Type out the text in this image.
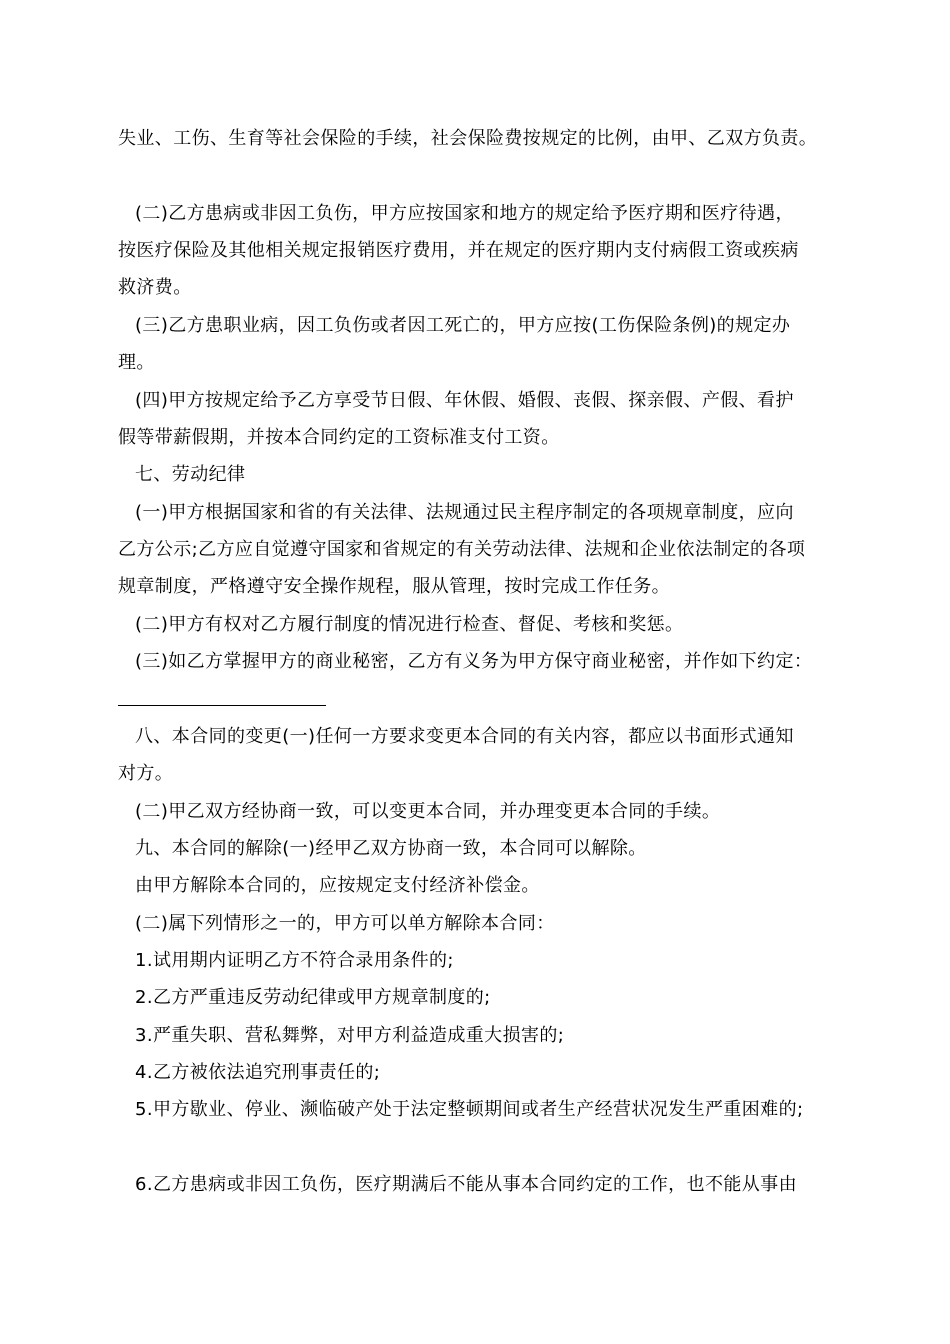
失业、工伤、生育等社会保险的手续，社会保险费按规定的比例，由甲、乙双方负责。
(二)乙方患病或非因工负伤，甲方应按国家和地方的规定给予医疗期和医疗待遇，
按医疗保险及其他相关规定报销医疗费用，并在规定的医疗期内支付病假工资或疾病
救济费。
(三)乙方患职业病，因工负伤或者因工死亡的，甲方应按(工伤保险条例)的规定办
理。
(四)甲方按规定给予乙方享受节日假、年休假、婚假、丧假、探亲假、产假、看护
假等带薪假期，并按本合同约定的工资标准支付工资。
七、劳动纪律
(一)甲方根据国家和省的有关法律、法规通过民主程序制定的各项规章制度，应向
乙方公示;乙方应自觉遵守国家和省规定的有关劳动法律、法规和企业依法制定的各项
规章制度，严格遵守安全操作规程，服从管理，按时完成工作任务。
(二)甲方有权对乙方履行制度的情况进行检查、督促、考核和奖惩。
(三)如乙方掌握甲方的商业秘密，乙方有义务为甲方保守商业秘密，并作如下约定：
八、本合同的变更(一)任何一方要求变更本合同的有关内容，都应以书面形式通知
对方。
(二)甲乙双方经协商一致，可以变更本合同，并办理变更本合同的手续。
九、本合同的解除(一)经甲乙双方协商一致，本合同可以解除。
由甲方解除本合同的，应按规定支付经济补偿金。
(二)属下列情形之一的，甲方可以单方解除本合同：
1.试用期内证明乙方不符合录用条件的;
2.乙方严重违反劳动纪律或甲方规章制度的;
3.严重失职、营私舞弊，对甲方利益造成重大损害的;
4.乙方被依法追究刑事责任的;
5.甲方歇业、停业、濒临破产处于法定整顿期间或者生产经营状况发生严重困难的;
6.乙方患病或非因工负伤，医疗期满后不能从事本合同约定的工作，也不能从事由
